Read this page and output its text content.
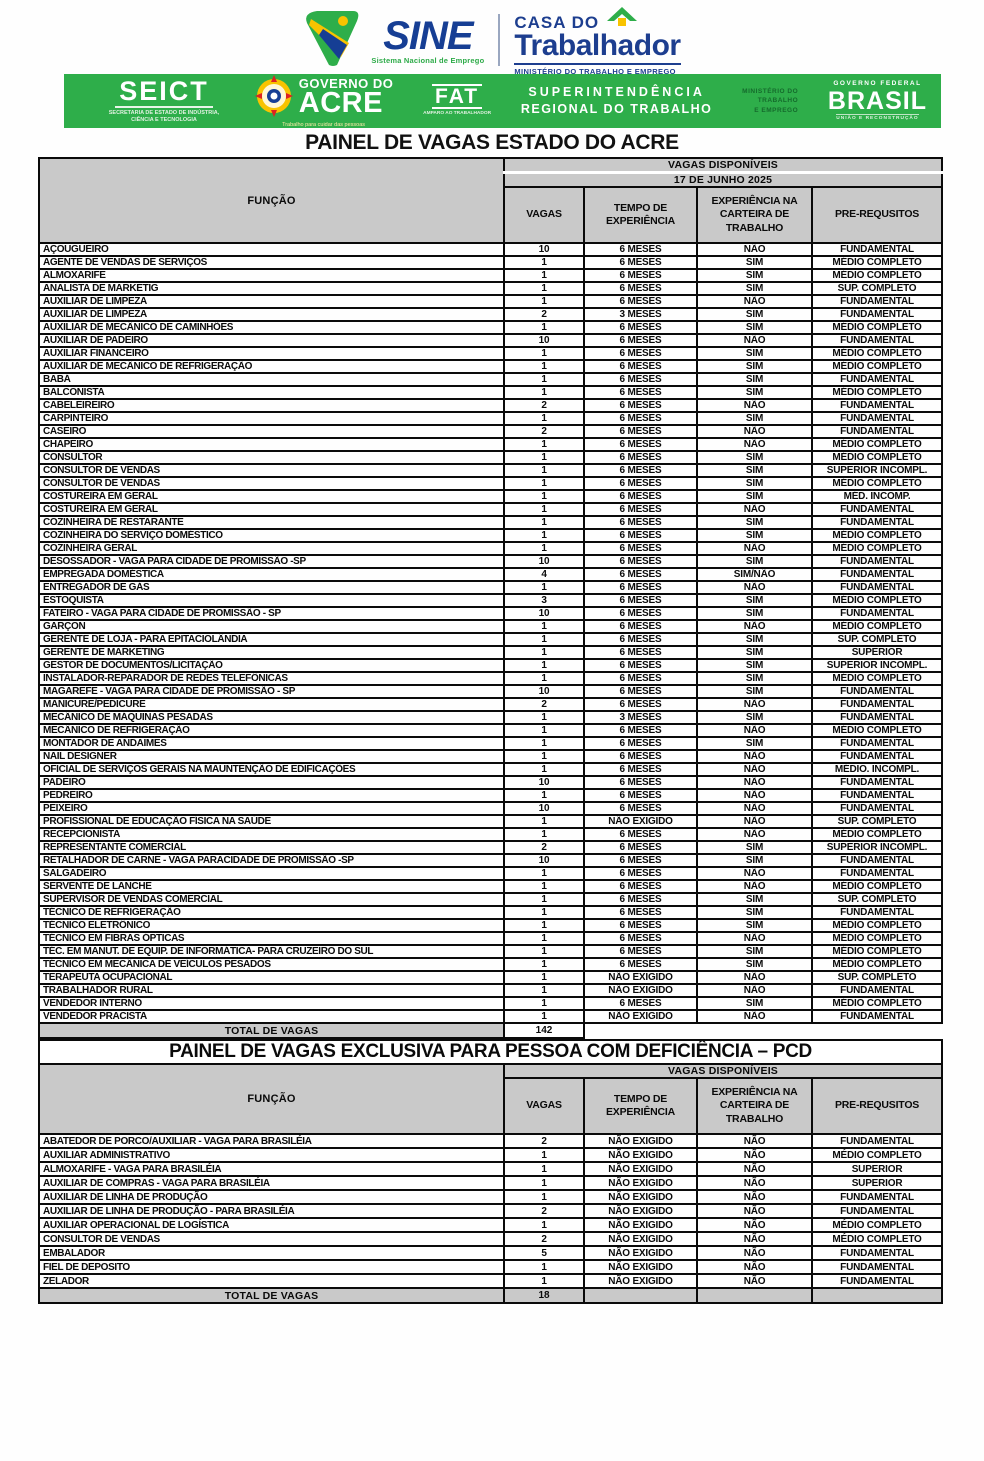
SINE
Sistema Nacional de Emprego
CASA DO
Trabalhador
MINISTÉRIO DO TRABALHO E EMPREGO
SEICT
SECRETARIA DE ESTADO DE INDÚSTRIA, CIÊNCIA E TECNOLOGIA
GOVERNO DO
ACRE
Trabalho para cuidar das pessoas
FAT
AMPARO AO TRABALHADOR
SUPERINTENDÊNCIA
REGIONAL DO TRABALHO
MINISTÉRIO DO
TRABALHO
E EMPREGO
GOVERNO FEDERAL
BRASIL
UNIÃO E RECONSTRUÇÃO
PAINEL DE VAGAS ESTADO DO ACRE
FUNÇÃO	VAGAS DISPONÍVEIS			
	17 DE JUNHO 2025			
	VAGAS	TEMPO DE EXPERIÊNCIA	EXPERIÊNCIA NA CARTEIRA DE TRABALHO	PRE-REQUSITOS
AÇOUGUEIRO	10	6 MESES	NÃO	FUNDAMENTAL
AGENTE DE VENDAS DE SERVIÇOS	1	6 MESES	SIM	MÉDIO COMPLETO
ALMOXARIFE	1	6 MESES	SIM	MÉDIO COMPLETO
ANALISTA DE MARKETIG	1	6 MESES	SIM	SUP. COMPLETO
AUXILIAR DE LIMPEZA	1	6 MESES	NÃO	FUNDAMENTAL
AUXILIAR DE LIMPEZA	2	3 MESES	SIM	FUNDAMENTAL
AUXILIAR DE MECÂNICO DE CAMINHÕES	1	6 MESES	SIM	MÉDIO COMPLETO
AUXILIAR DE PADEIRO	10	6 MESES	NÃO	FUNDAMENTAL
AUXILIAR FINANCEIRO	1	6 MESES	SIM	MÉDIO COMPLETO
AUXILIAR DE MECÂNICO DE REFRIGERAÇÃO	1	6 MESES	SIM	MÉDIO COMPLETO
BABÁ	1	6 MESES	SIM	FUNDAMENTAL
BALCONISTA	1	6 MESES	SIM	MÉDIO COMPLETO
CABELEIREIRO	2	6 MESES	NÃO	FUNDAMENTAL
CARPINTEIRO	1	6 MESES	SIM	FUNDAMENTAL
CASEIRO	2	6 MESES	NÃO	FUNDAMENTAL
CHAPEIRO	1	6 MESES	NÃO	MÉDIO COMPLETO
CONSULTOR	1	6 MESES	SIM	MÉDIO COMPLETO
CONSULTOR DE VENDAS	1	6 MESES	SIM	SUPERIOR INCOMPL.
CONSULTOR DE VENDAS	1	6 MESES	SIM	MÉDIO COMPLETO
COSTUREIRA EM GERAL	1	6 MESES	SIM	MÉD. INCOMP.
COSTUREIRA EM GERAL	1	6 MESES	NÃO	FUNDAMENTAL
COZINHEIRA DE RESTARANTE	1	6 MESES	SIM	FUNDAMENTAL
COZINHEIRA DO SERVIÇO DOMÉSTICO	1	6 MESES	SIM	MÉDIO COMPLETO
COZINHEIRA GERAL	1	6 MESES	NÃO	MÉDIO COMPLETO
DESOSSADOR - VAGA PARA CIDADE DE PROMISSÃO -SP	10	6 MESES	SIM	FUNDAMENTAL
EMPREGADA DOMÉSTICA	4	6 MESES	SIM/NÃO	FUNDAMENTAL
ENTREGADOR DE GÁS	1	6 MESES	NÃO	FUNDAMENTAL
ESTOQUISTA	3	6 MESES	SIM	MÉDIO COMPLETO
FATEIRO - VAGA PARA CIDADE DE PROMISSÃO - SP	10	6 MESES	SIM	FUNDAMENTAL
GARÇON	1	6 MESES	NÃO	MÉDIO COMPLETO
GERENTE DE LOJA - PARA EPITACIOLÂNDIA	1	6 MESES	SIM	SUP. COMPLETO
GERENTE DE MARKETING	1	6 MESES	SIM	SUPERIOR
GESTOR DE DOCUMENTOS/LICITAÇÃO	1	6 MESES	SIM	SUPERIOR INCOMPL.
INSTALADOR-REPARADOR DE REDES TELEFÔNICAS	1	6 MESES	SIM	MÉDIO COMPLETO
MAGAREFE - VAGA PARA CIDADE DE PROMISSÃO - SP	10	6 MESES	SIM	FUNDAMENTAL
MANICURE/PEDICURE	2	6 MESES	NÃO	FUNDAMENTAL
MECÂNICO DE MÁQUINAS PESADAS	1	3 MESES	SIM	FUNDAMENTAL
MECÂNICO DE REFRIGERAÇÃO	1	6 MESES	NÃO	MÉDIO COMPLETO
MONTADOR DE ANDAIMES	1	6 MESES	SIM	FUNDAMENTAL
NAIL DESIGNER	1	6 MESES	NÃO	FUNDAMENTAL
OFICIAL DE SERVIÇOS GERAIS NA MAUNTENÇÃO DE EDIFICAÇÕES	1	6 MESES	NÃO	MÉDIO. INCOMPL.
PADEIRO	10	6 MESES	NÃO	FUNDAMENTAL
PEDREIRO	1	6 MESES	NÃO	FUNDAMENTAL
PEIXEIRO	10	6 MESES	NÃO	FUNDAMENTAL
PROFISSIONAL DE EDUCAÇÃO FÍSICA NA SAÚDE	1	NÃO EXIGIDO	NÃO	SUP. COMPLETO
RECEPCIONISTA	1	6 MESES	NÃO	MÉDIO COMPLETO
REPRESENTANTE COMERCIAL	2	6 MESES	SIM	SUPERIOR INCOMPL.
RETALHADOR DE CARNE - VAGA PARACIDADE DE PROMISSÃO -SP	10	6 MESES	SIM	FUNDAMENTAL
SALGADEIRO	1	6 MESES	NÃO	FUNDAMENTAL
SERVENTE DE LANCHE	1	6 MESES	NÃO	MÉDIO COMPLETO
SUPERVISOR DE VENDAS COMERCIAL	1	6 MESES	SIM	SUP. COMPLETO
TÉCNICO DE REFRIGERAÇÃO	1	6 MESES	SIM	FUNDAMENTAL
TÉCNICO ELETRÔNICO	1	6 MESES	SIM	MÉDIO COMPLETO
TÉCNICO EM FIBRAS ÓPTICAS	1	6 MESES	NÃO	MÉDIO COMPLETO
TÉC. EM MANUT. DE EQUIP. DE INFORMÁTICA- PARA CRUZEIRO DO SUL	1	6 MESES	SIM	MÉDIO COMPLETO
TÉCNICO EM MECÂNICA DE VEÍCULOS PESADOS	1	6 MESES	SIM	MÉDIO COMPLETO
TERAPEUTA OCUPACIONAL	1	NÃO EXIGIDO	NÃO	SUP. COMPLETO
TRABALHADOR RURAL	1	NÃO EXIGIDO	NÃO	FUNDAMENTAL
VENDEDOR INTERNO	1	6 MESES	SIM	MÉDIO COMPLETO
VENDEDOR PRACISTA	1	NÃO EXIGIDO	NÃO	FUNDAMENTAL
TOTAL DE VAGAS	142			
PAINEL DE VAGAS EXCLUSIVA PARA PESSOA COM DEFICIÊNCIA – PCD				
FUNÇÃO	VAGAS DISPONÍVEIS			
	VAGAS	TEMPO DE EXPERIÊNCIA	EXPERIÊNCIA NA CARTEIRA DE TRABALHO	PRE-REQUSITOS
ABATEDOR DE PORCO/AUXILIAR - VAGA PARA BRASILÉIA	2	NÃO EXIGIDO	NÃO	FUNDAMENTAL
AUXILIAR ADMINISTRATIVO	1	NÃO EXIGIDO	NÃO	MÉDIO COMPLETO
ALMOXARIFE - VAGA PARA BRASILÉIA	1	NÃO EXIGIDO	NÃO	SUPERIOR
AUXILIAR DE COMPRAS - VAGA PARA BRASILÉIA	1	NÃO EXIGIDO	NÃO	SUPERIOR
AUXILIAR DE LINHA DE PRODUÇÃO	1	NÃO EXIGIDO	NÃO	FUNDAMENTAL
AUXILIAR DE LINHA DE PRODUÇÃO - PARA BRASILÉIA	2	NÃO EXIGIDO	NÃO	FUNDAMENTAL
AUXILIAR OPERACIONAL DE LOGÍSTICA	1	NÃO EXIGIDO	NÃO	MÉDIO COMPLETO
CONSULTOR DE VENDAS	2	NÃO EXIGIDO	NÃO	MÉDIO COMPLETO
EMBALADOR	5	NÃO EXIGIDO	NÃO	FUNDAMENTAL
FIEL DE DEPOSITO	1	NÃO EXIGIDO	NÃO	FUNDAMENTAL
ZELADOR	1	NÃO EXIGIDO	NÃO	FUNDAMENTAL
TOTAL DE VAGAS	18			
